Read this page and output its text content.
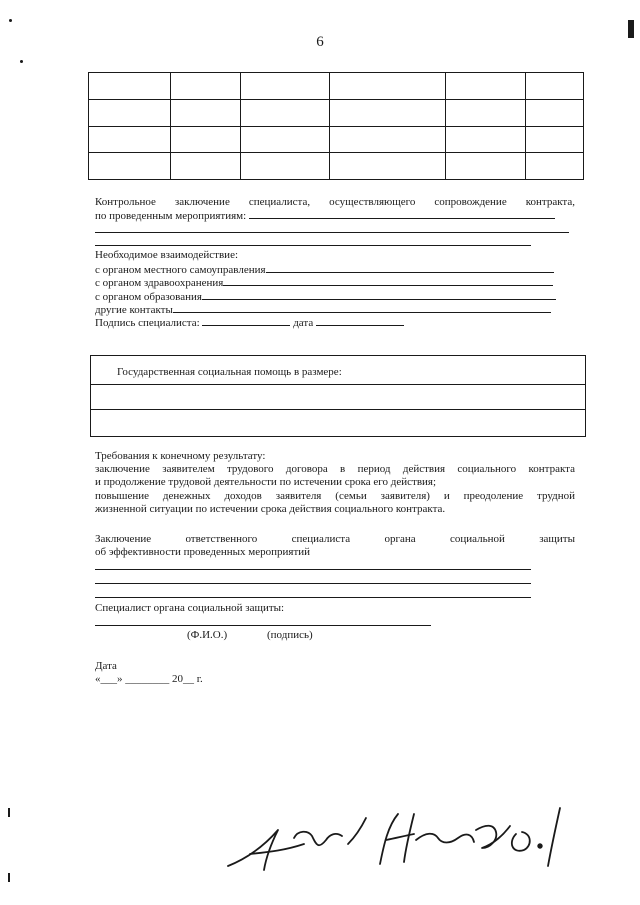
6

Контрольное заключение специалиста, осуществляющего сопровождение контракта,
по проведенным мероприятиям:
Необходимое взаимодействие:
с органом местного самоуправления
с органом здравоохранения
с органом образования
другие контакты
Подпись специалиста:	дата
Государственная социальная помощь в размере:
Требования к конечному результату:
заключение заявителем трудового договора в период действия социального контракта
и продолжение трудовой деятельности по истечении срока его действия;
повышение денежных доходов заявителя (семьи заявителя) и преодоление трудной
жизненной ситуации по истечении срока действия социального контракта.
Заключение ответственного специалиста органа социальной защиты
об эффективности проведенных мероприятий
Специалист органа социальной защиты:
(Ф.И.О.)	(подпись)
Дата
«___» ________ 20__ г.
